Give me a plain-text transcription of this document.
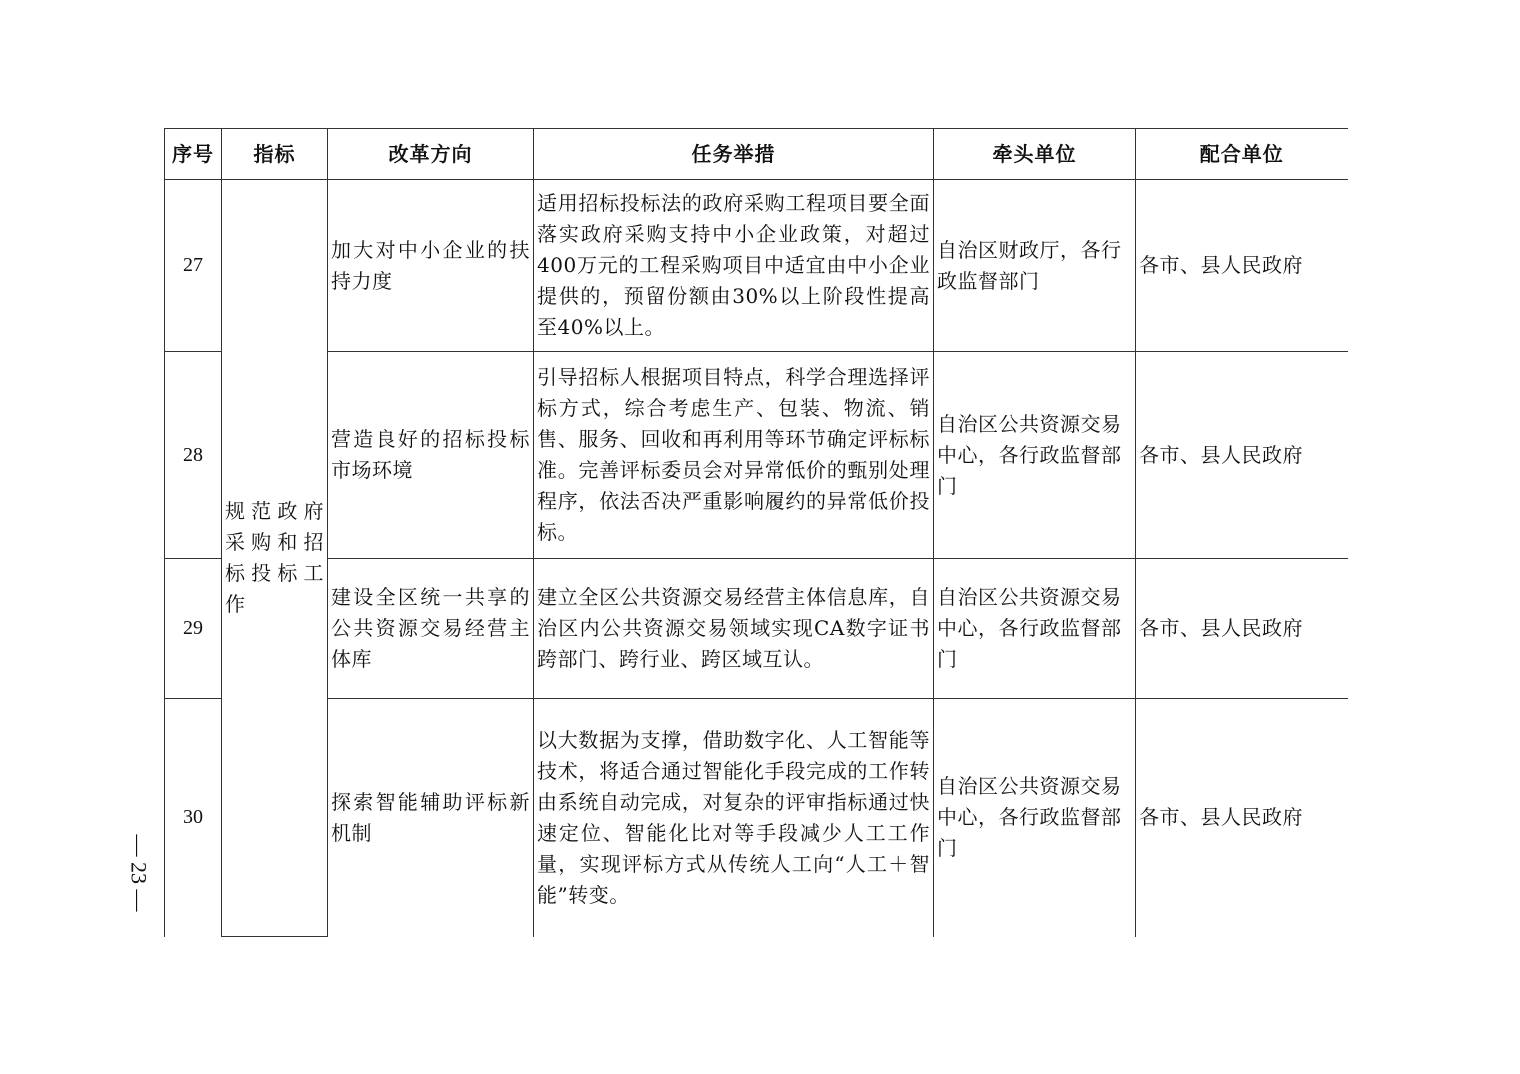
— 23 —
序号	指标	改革方向	任务举措	牵头单位	配合单位
27	规范政府采购和招标投标工作	加大对中小企业的扶持力度	适用招标投标法的政府采购工程项目要全面落实政府采购支持中小企业政策，对超过400万元的工程采购项目中适宜由中小企业提供的，预留份额由30%以上阶段性提高至40%以上。	自治区财政厅，各行政监督部门	各市、县人民政府
28		营造良好的招标投标市场环境	引导招标人根据项目特点，科学合理选择评标方式，综合考虑生产、包装、物流、销售、服务、回收和再利用等环节确定评标标准。完善评标委员会对异常低价的甄别处理程序，依法否决严重影响履约的异常低价投标。	自治区公共资源交易中心，各行政监督部门	各市、县人民政府
29		建设全区统一共享的公共资源交易经营主体库	建立全区公共资源交易经营主体信息库，自治区内公共资源交易领域实现CA数字证书跨部门、跨行业、跨区域互认。	自治区公共资源交易中心，各行政监督部门	各市、县人民政府
30		探索智能辅助评标新机制	以大数据为支撑，借助数字化、人工智能等技术，将适合通过智能化手段完成的工作转由系统自动完成，对复杂的评审指标通过快速定位、智能化比对等手段减少人工工作量，实现评标方式从传统人工向“人工＋智能”转变。	自治区公共资源交易中心，各行政监督部门	各市、县人民政府
